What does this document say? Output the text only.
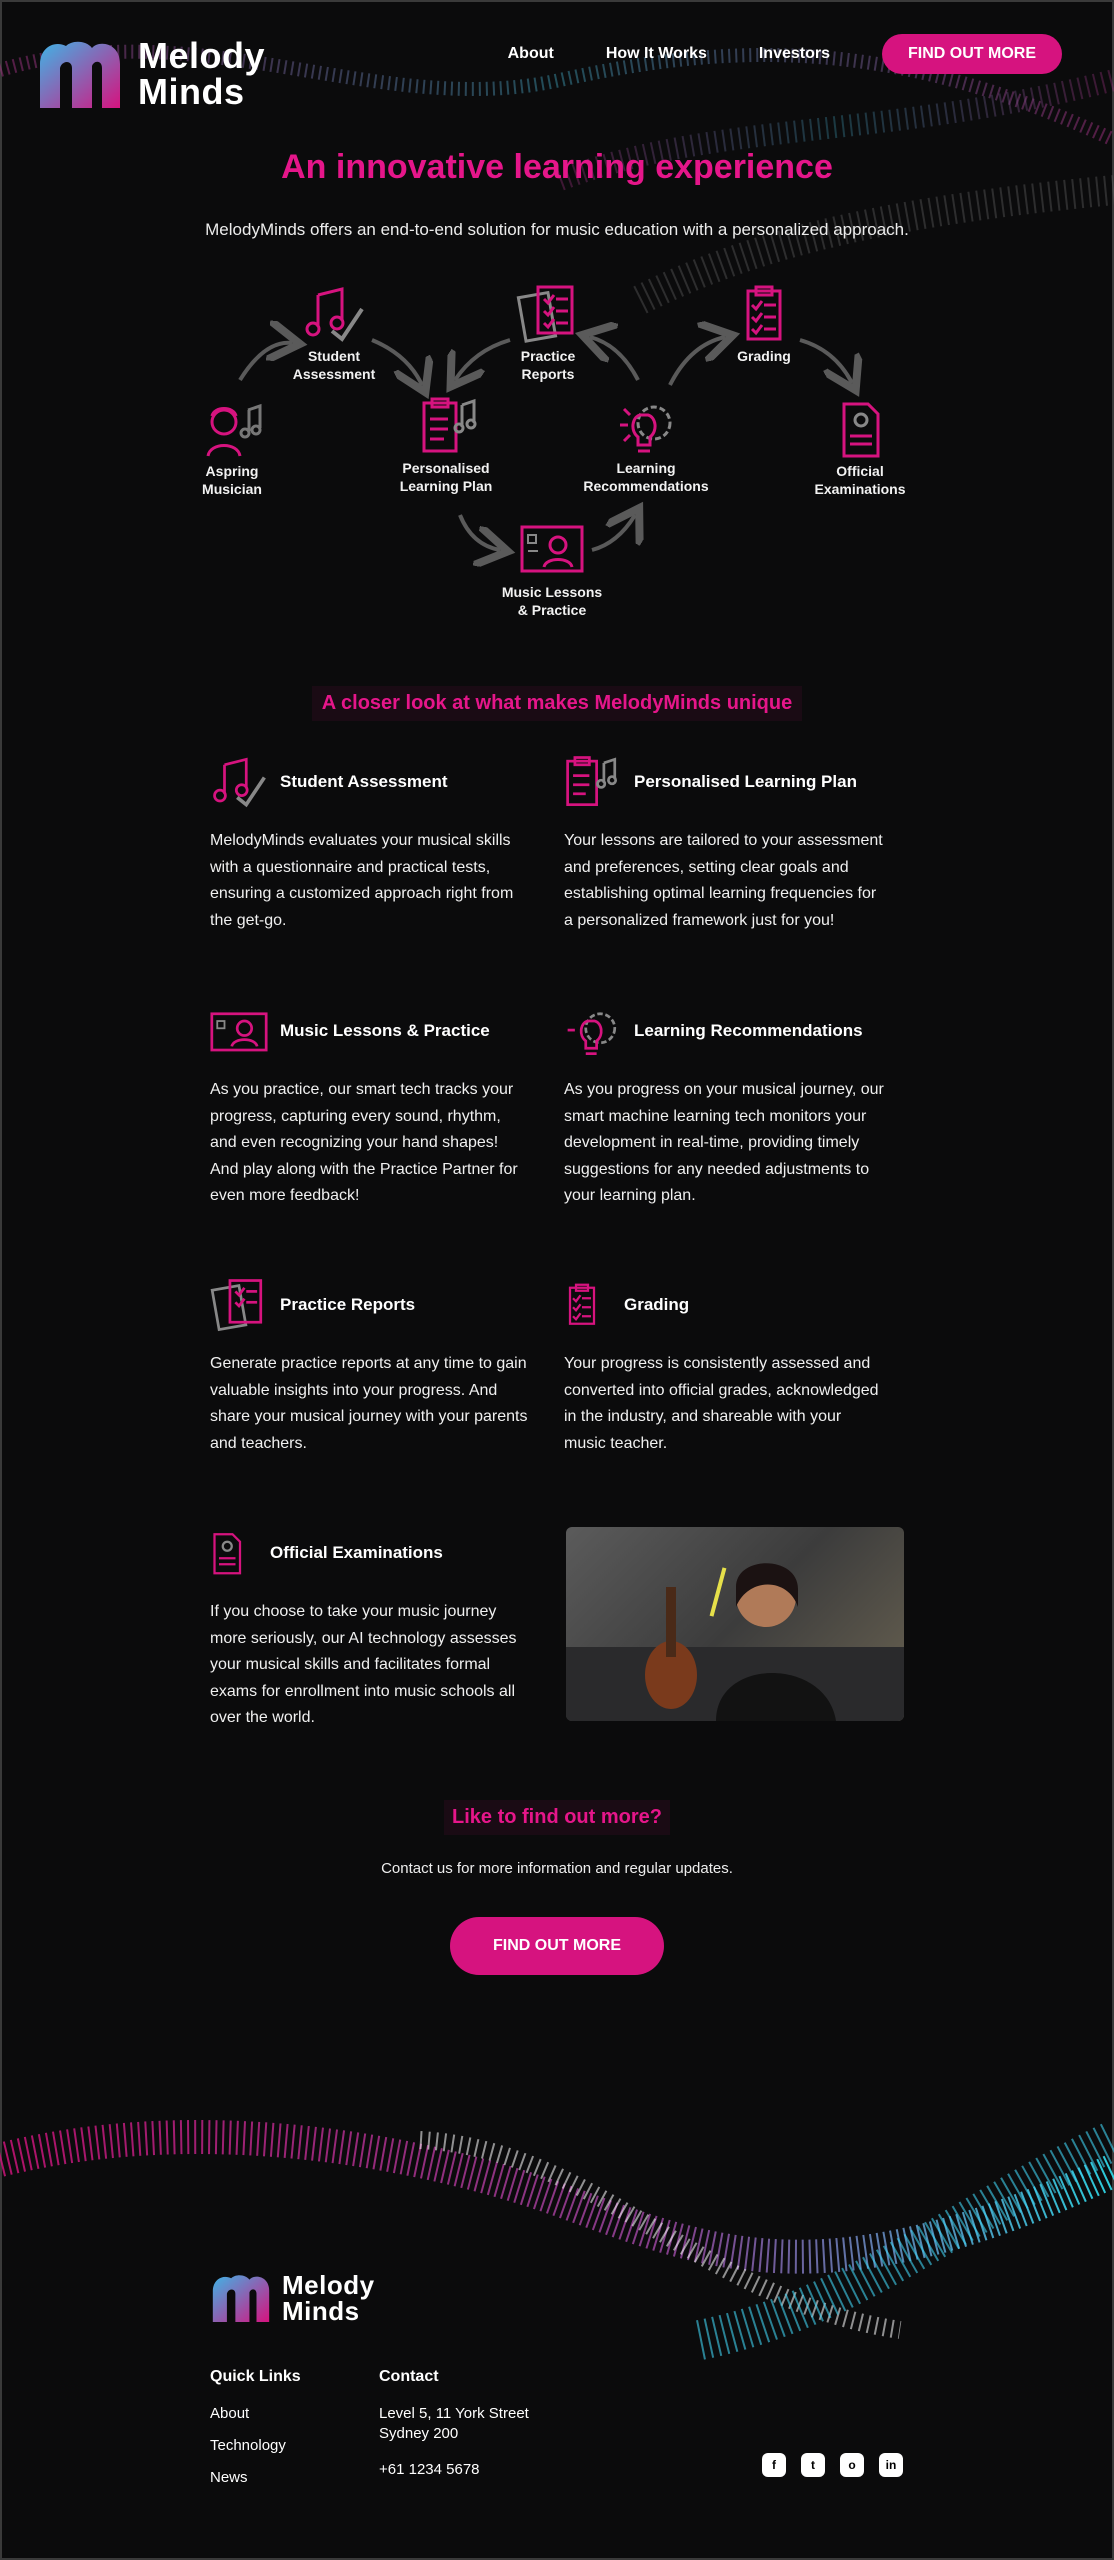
Melody
Minds
About	How It Works	Investors	FIND OUT MORE
An innovative learning experience
MelodyMinds offers an end-to-end solution for music education with a personalized approach.
Aspring
Musician
Student
Assessment
Personalised
Learning Plan
Music Lessons
& Practice
Practice
Reports
Learning
Recommendations
Grading
Official
Examinations
A closer look at what makes MelodyMinds unique
Student Assessment

MelodyMinds evaluates your musical skills with a questionnaire and practical tests, ensuring a customized approach right from the get-go.

Personalised Learning Plan

Your lessons are tailored to your assessment and preferences, setting clear goals and establishing optimal learning frequencies for a personalized framework just for you!

Music Lessons & Practice

As you practice, our smart tech tracks your progress, capturing every sound, rhythm, and even recognizing your hand shapes! And play along with the Practice Partner for even more feedback!

Learning Recommendations

As you progress on your musical journey, our smart machine learning tech monitors your development in real-time, providing timely suggestions for any needed adjustments to your learning plan.

Practice Reports

Generate practice reports at any time to gain valuable insights into your progress. And share your musical journey with your parents and teachers.

Grading

Your progress is consistently assessed and converted into official grades, acknowledged in the industry, and shareable with your music teacher.

Official Examinations

If you choose to take your music journey more seriously, our AI technology assesses your musical skills and facilitates formal exams for enrollment into music schools all over the world.

Like to find out more?
Contact us for more information and regular updates.
FIND OUT MORE
Melody
Minds
Quick Links
About
Technology
News
Contact
Level 5, 11 York Street
Sydney 200
+61 1234 5678	f	t	o	in
